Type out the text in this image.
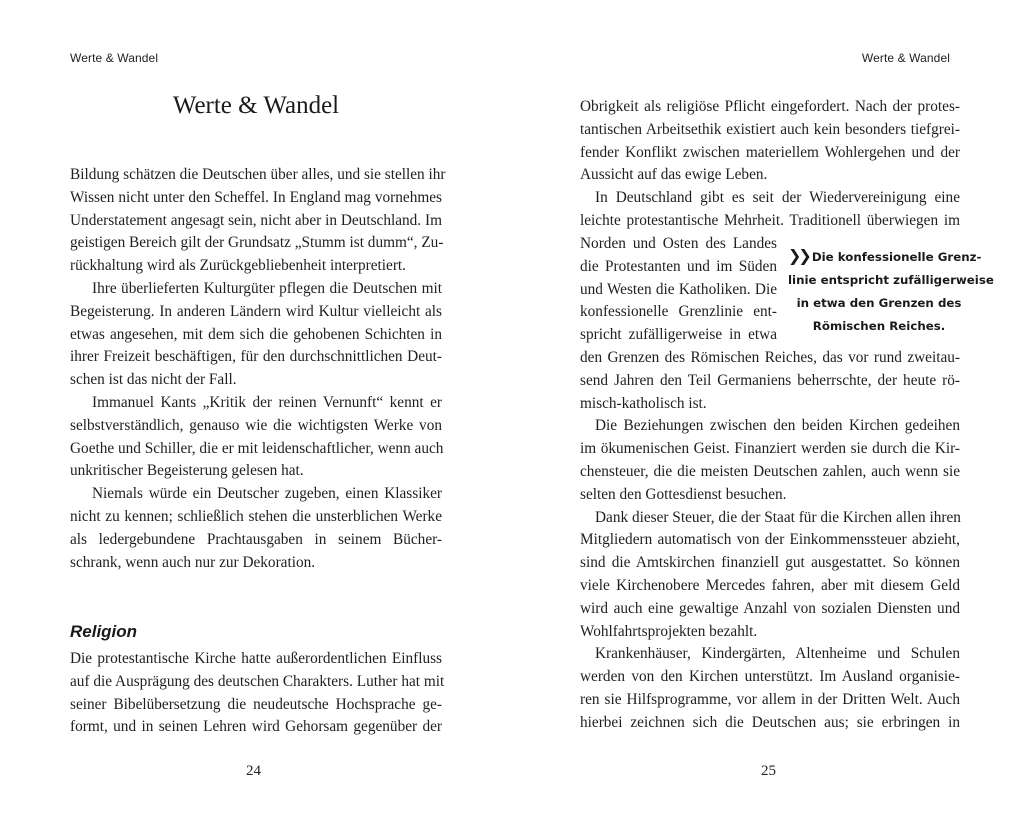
Werte & Wandel
Werte & Wandel
Bildung schätzen die Deutschen über alles, und sie stellen ihr
Wissen nicht unter den Scheffel. In England mag vornehmes
Understatement angesagt sein, nicht aber in Deutschland. Im
geistigen Bereich gilt der Grundsatz „Stumm ist dumm“, Zu-
rückhaltung wird als Zurückgebliebenheit interpretiert.
Ihre überlieferten Kulturgüter pflegen die Deutschen mit
Begeisterung. In anderen Ländern wird Kultur vielleicht als
etwas angesehen, mit dem sich die gehobenen Schichten in
ihrer Freizeit beschäftigen, für den durchschnittlichen Deut-
schen ist das nicht der Fall.
Immanuel Kants „Kritik der reinen Vernunft“ kennt er
selbstverständlich, genauso wie die wichtigsten Werke von
Goethe und Schiller, die er mit leidenschaftlicher, wenn auch
unkritischer Begeisterung gelesen hat.
Niemals würde ein Deutscher zugeben, einen Klassiker
nicht zu kennen; schließlich stehen die unsterblichen Werke
als ledergebundene Prachtausgaben in seinem Bücher-
schrank, wenn auch nur zur Dekoration.
Religion
Die protestantische Kirche hatte außerordentlichen Einfluss
auf die Ausprägung des deutschen Charakters. Luther hat mit
seiner Bibelübersetzung die neudeutsche Hochsprache ge-
formt, und in seinen Lehren wird Gehorsam gegenüber der
24
Werte & Wandel
Obrigkeit als religiöse Pflicht eingefordert. Nach der protes-
tantischen Arbeitsethik existiert auch kein besonders tiefgrei-
fender Konflikt zwischen materiellem Wohlergehen und der
Aussicht auf das ewige Leben.
In Deutschland gibt es seit der Wiedervereinigung eine
leichte protestantische Mehrheit. Traditionell überwiegen im
Norden und Osten des Landes
die Protestanten und im Süden
und Westen die Katholiken. Die
konfessionelle Grenzlinie ent-
spricht zufälligerweise in etwa
❯❯ Die konfessionelle Grenz-
linie entspricht zufälligerweise
in etwa den Grenzen des
Römischen Reiches.
den Grenzen des Römischen Reiches, das vor rund zweitau-
send Jahren den Teil Germaniens beherrschte, der heute rö-
misch-katholisch ist.
Die Beziehungen zwischen den beiden Kirchen gedeihen
im ökumenischen Geist. Finanziert werden sie durch die Kir-
chensteuer, die die meisten Deutschen zahlen, auch wenn sie
selten den Gottesdienst besuchen.
Dank dieser Steuer, die der Staat für die Kirchen allen ihren
Mitgliedern automatisch von der Einkommenssteuer abzieht,
sind die Amtskirchen finanziell gut ausgestattet. So können
viele Kirchenobere Mercedes fahren, aber mit diesem Geld
wird auch eine gewaltige Anzahl von sozialen Diensten und
Wohlfahrtsprojekten bezahlt.
Krankenhäuser, Kindergärten, Altenheime und Schulen
werden von den Kirchen unterstützt. Im Ausland organisie-
ren sie Hilfsprogramme, vor allem in der Dritten Welt. Auch
hierbei zeichnen sich die Deutschen aus; sie erbringen in
25
